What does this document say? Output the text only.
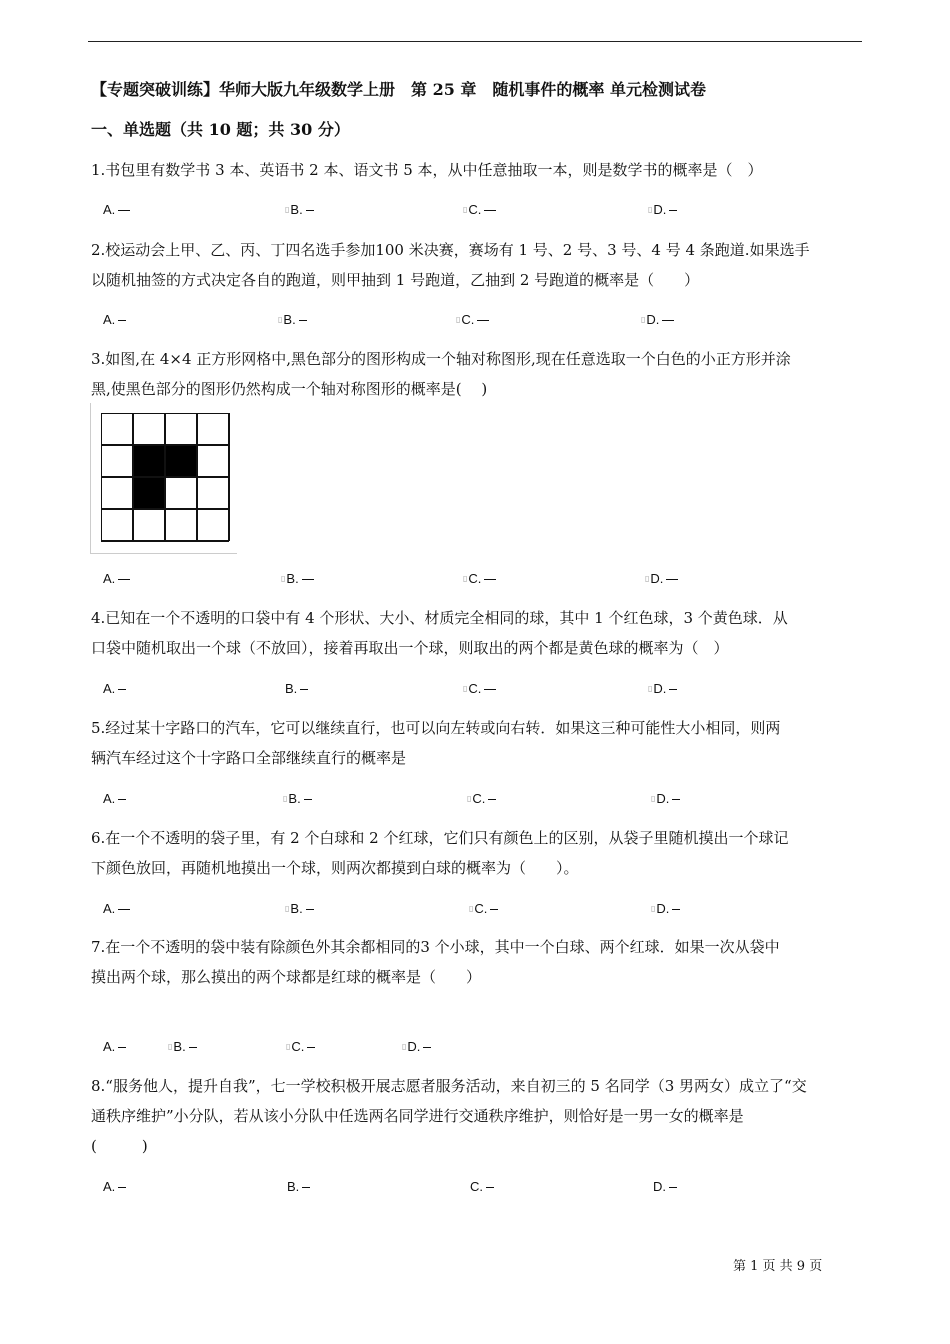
【专题突破训练】华师大版九年级数学上册　第 25 章　随机事件的概率 单元检测试卷
一、单选题（共 10 题；共 30 分）
1.书包里有数学书 3 本、英语书 2 本、语文书 5 本，从中任意抽取一本，则是数学书的概率是（　）
A.	▯B.	▯C.	▯D.
2.校运动会上甲、乙、丙、丁四名选手参加100 米决赛，赛场有 1 号、2 号、3 号、4 号 4 条跑道.如果选手
以随机抽签的方式决定各自的跑道，则甲抽到 1 号跑道，乙抽到 2 号跑道的概率是（　　）
A.	▯B.	▯C.	▯D.
3.如图,在 4×4 正方形网格中,黑色部分的图形构成一个轴对称图形,现在任意选取一个白色的小正方形并涂
黑,使黑色部分的图形仍然构成一个轴对称图形的概率是(　 )
A.	▯B.	▯C.	▯D.
4.已知在一个不透明的口袋中有 4 个形状、大小、材质完全相同的球，其中 1 个红色球，3 个黄色球．从
口袋中随机取出一个球（不放回），接着再取出一个球，则取出的两个都是黄色球的概率为（　）
A.	B.	▯C.	▯D.
5.经过某十字路口的汽车，它可以继续直行，也可以向左转或向右转．如果这三种可能性大小相同，则两
辆汽车经过这个十字路口全部继续直行的概率是
A.	▯B.	▯C.	▯D.
6.在一个不透明的袋子里，有 2 个白球和 2 个红球，它们只有颜色上的区别，从袋子里随机摸出一个球记
下颜色放回，再随机地摸出一个球，则两次都摸到白球的概率为（　　）。
A.	▯B.	▯C.	▯D.
7.在一个不透明的袋中装有除颜色外其余都相同的3 个小球，其中一个白球、两个红球．如果一次从袋中
摸出两个球，那么摸出的两个球都是红球的概率是（　　）
A.	▯B.	▯C.	▯D.
8.“服务他人，提升自我”，七一学校积极开展志愿者服务活动，来自初三的 5 名同学（3 男两女）成立了“交
通秩序维护”小分队，若从该小分队中任选两名同学进行交通秩序维护，则恰好是一男一女的概率是
(　　　)
A.	B.	C.	D.
第 1 页 共 9 页
